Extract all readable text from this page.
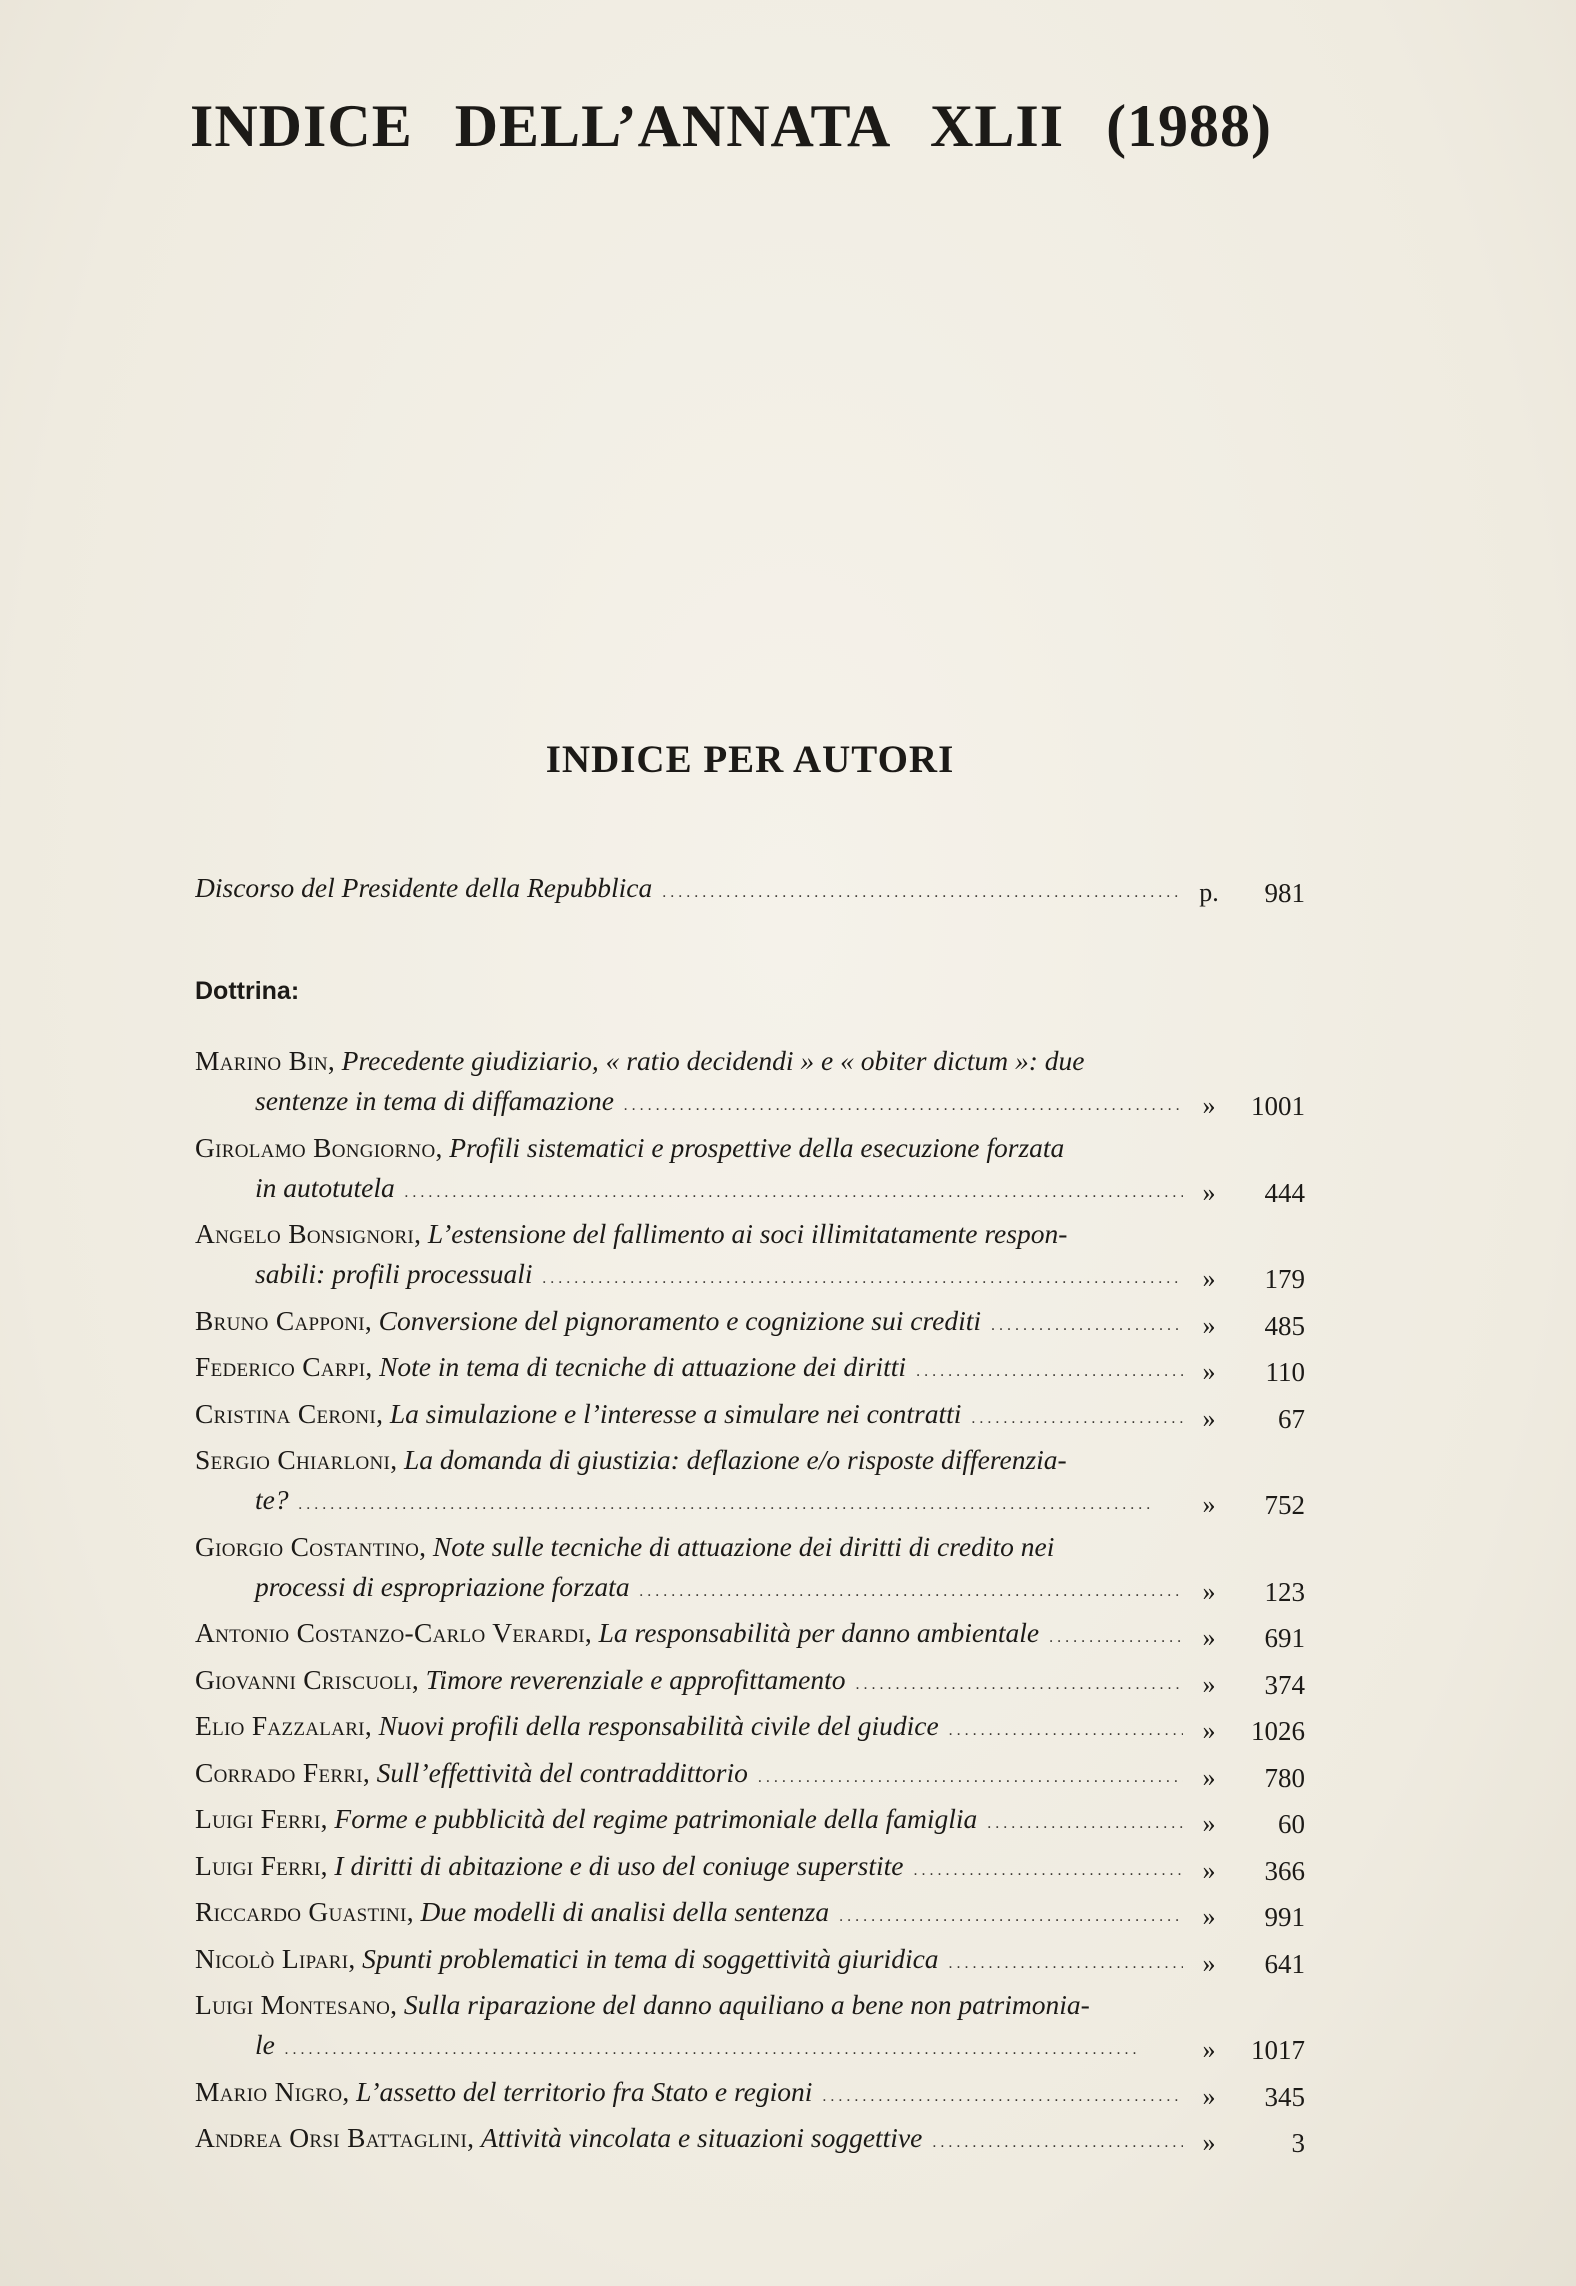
INDICE DELL’ANNATA XLII (1988)
INDICE PER AUTORI
Discorso del Presidente della Repubblica . . .	p.	981
Dottrina:
Marino Bin, Precedente giudiziario, « ratio decidendi » e « obiter dictum »: due
sentenze in tema di diffamazione . . .	»	1001
Girolamo Bongiorno, Profili sistematici e prospettive della esecuzione forzata
in autotutela . . .	»	444
Angelo Bonsignori, L’estensione del fallimento ai soci illimitatamente respon-
sabili: profili processuali . . .	»	179
Bruno Capponi, Conversione del pignoramento e cognizione sui crediti . . .	»	485
Federico Carpi, Note in tema di tecniche di attuazione dei diritti . . .	»	110
Cristina Ceroni, La simulazione e l’interesse a simulare nei contratti . . .	»	67
Sergio Chiarloni, La domanda di giustizia: deflazione e/o risposte differenzia-
te? . . .	»	752
Giorgio Costantino, Note sulle tecniche di attuazione dei diritti di credito nei
processi di espropriazione forzata . . .	»	123
Antonio Costanzo-Carlo Verardi, La responsabilità per danno ambientale . . .	»	691
Giovanni Criscuoli, Timore reverenziale e approfittamento . . .	»	374
Elio Fazzalari, Nuovi profili della responsabilità civile del giudice . . .	»	1026
Corrado Ferri, Sull’effettività del contraddittorio . . .	»	780
Luigi Ferri, Forme e pubblicità del regime patrimoniale della famiglia . . .	»	60
Luigi Ferri, I diritti di abitazione e di uso del coniuge superstite . . .	»	366
Riccardo Guastini, Due modelli di analisi della sentenza . . .	»	991
Nicolò Lipari, Spunti problematici in tema di soggettività giuridica . . .	»	641
Luigi Montesano, Sulla riparazione del danno aquiliano a bene non patrimonia-
le . . .	»	1017
Mario Nigro, L’assetto del territorio fra Stato e regioni . . .	»	345
Andrea Orsi Battaglini, Attività vincolata e situazioni soggettive . . .	»	3
